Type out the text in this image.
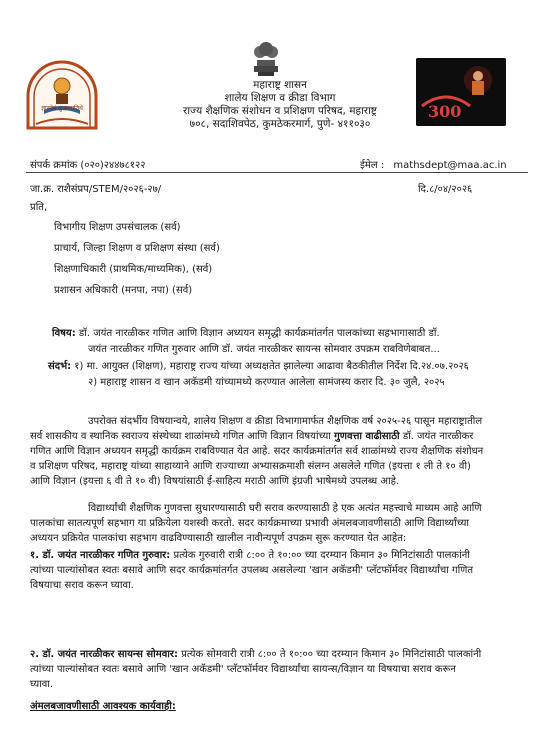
ज्ञानदेयं तु ज्ञानातिथे	300
महाराष्ट्र शासन
शालेय शिक्षण व क्रीडा विभाग
राज्य शैक्षणिक संशोधन व प्रशिक्षण परिषद, महाराष्ट्र
७०८, सदाशिवपेठ, कुमठेकरमार्ग, पुणे- ४११०३०
संपर्क क्रमांक (०२०)२४४७८१२२	ईमेल : mathsdept@maa.ac.in
जा.क्र. राशैसंप्रप/STEM/२०२६-२७/	दि.८/०४/२०२६
प्रति,
विभागीय शिक्षण उपसंचालक (सर्व)
प्राचार्य, जिल्हा शिक्षण व प्रशिक्षण संस्था (सर्व)
शिक्षणाधिकारी (प्राथमिक/माध्यमिक), (सर्व)
प्रशासन अधिकारी (मनपा, नपा) (सर्व)
विषय: डॉ. जयंत नारळीकर गणित आणि विज्ञान अध्ययन समृद्धी कार्यक्रमांतर्गत पालकांच्या सहभागासाठी डॉ.
जयंत नारळीकर गणित गुरुवार आणि डॉ. जयंत नारळीकर सायन्स सोमवार उपक्रम राबविणेबाबत...
संदर्भ: १) मा. आयुक्त (शिक्षण), महाराष्ट्र राज्य यांच्या अध्यक्षतेत झालेल्या आढावा बैठकीतील निर्देश दि.२४.०७.२०२६
२) महाराष्ट्र शासन व खान अकॅडमी यांच्यामध्ये करण्यात आलेला सामंजस्य करार दि. ३० जुलै, २०२५
उपरोक्त संदर्भीय विषयान्वये, शालेय शिक्षण व क्रीडा विभागामार्फत शैक्षणिक वर्ष २०२५-२६ पासून महाराष्ट्रातील
सर्व शासकीय व स्थानिक स्वराज्य संस्थेच्या शाळांमध्ये गणित आणि विज्ञान विषयांच्या गुणवत्ता वाढीसाठी डॉ. जयंत नारळीकर
गणित आणि विज्ञान अध्ययन समृद्धी कार्यक्रम राबविण्यात येत आहे. सदर कार्यक्रमांतर्गत सर्व शाळांमध्ये राज्य शैक्षणिक संशोधन
व प्रशिक्षण परिषद, महाराष्ट्र यांच्या साहाय्याने आणि राज्याच्या अभ्यासक्रमाशी संलग्न असलेले गणित (इयत्ता १ ली ते १० वी)
आणि विज्ञान (इयत्ता ६ वी ते १० वी) विषयांसाठी ई-साहित्य मराठी आणि इंग्रजी भाषेमध्ये उपलब्ध आहे.
विद्यार्थ्यांची शैक्षणिक गुणवत्ता सुधारण्यासाठी घरी सराव करण्यासाठी हे एक अत्यंत महत्त्वाचे माध्यम आहे आणि
पालकांचा सातत्यपूर्ण सहभाग या प्रक्रियेला यशस्वी करतो. सदर कार्यक्रमाच्या प्रभावी अंमलबजावणीसाठी आणि विद्यार्थ्यांच्या
अध्ययन प्रक्रियेत पालकांचा सहभाग वाढविण्यासाठी खालील नावीन्यपूर्ण उपक्रम सुरू करण्यात येत आहेत:
१. डॉ. जयंत नारळीकर गणित गुरुवार: प्रत्येक गुरुवारी रात्री ८:०० ते १०:०० च्या दरम्यान किमान ३० मिनिटांसाठी पालकांनी
त्यांच्या पाल्यांसोबत स्वतः बसावे आणि सदर कार्यक्रमांतर्गत उपलब्ध असलेल्या 'खान अकॅडमी' प्लॅटफॉर्मवर विद्यार्थ्यांचा गणित
विषयाचा सराव करून घ्यावा.
२. डॉ. जयंत नारळीकर सायन्स सोमवार: प्रत्येक सोमवारी रात्री ८:०० ते १०:०० च्या दरम्यान किमान ३० मिनिटांसाठी पालकांनी
त्यांच्या पाल्यांसोबत स्वतः बसावे आणि 'खान अकॅडमी' प्लॅटफॉर्मवर विद्यार्थ्यांचा सायन्स/विज्ञान या विषयाचा सराव करून
घ्यावा.
अंमलबजावणीसाठी आवश्यक कार्यवाही:
